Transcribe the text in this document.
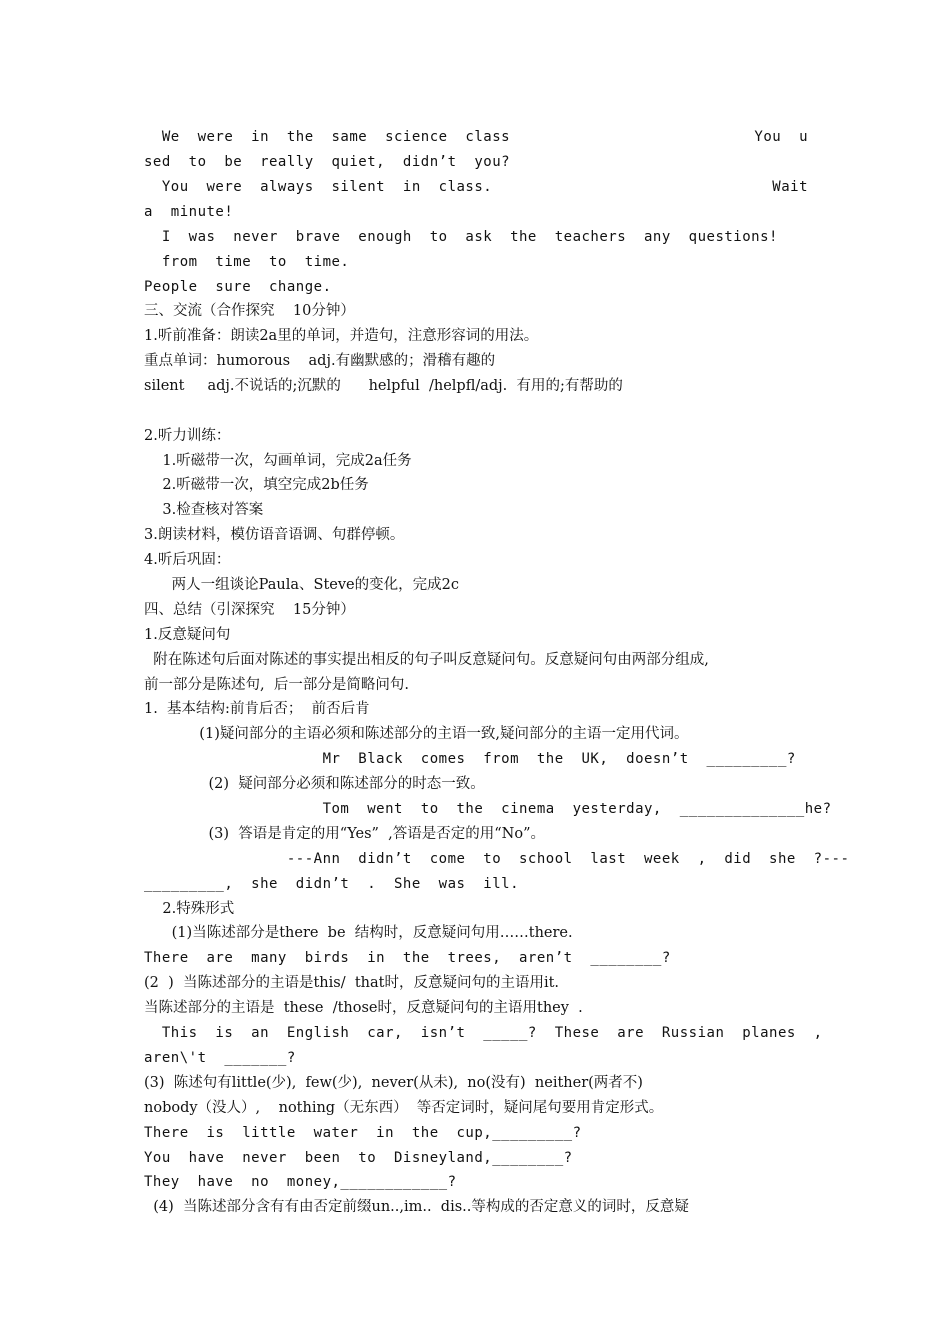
We  were  in  the  same  science  class	You  u

sed  to  be  really  quiet,  didn’t  you?

You  were  always  silent  in  class.	Wait

a  minute!

I  was  never  brave  enough  to  ask  the  teachers  any  questions!

from  time  to  time.

People  sure  change.

三、交流（合作探究    10分钟）

1.听前准备：朗读2a里的单词，并造句，注意形容词的用法。

重点单词：humorous    adj.有幽默感的；滑稽有趣的

silent     adj.不说话的;沉默的      helpful  /helpfl/adj.  有用的;有帮助的

2.听力训练：

1.听磁带一次，勾画单词，完成2a任务

2.听磁带一次，填空完成2b任务

3.检查核对答案

3.朗读材料，模仿语音语调、句群停顿。

4.听后巩固：

两人一组谈论Paula、Steve的变化，完成2c

四、总结（引深探究    15分钟）

1.反意疑问句

附在陈述句后面对陈述的事实提出相反的句子叫反意疑问句。反意疑问句由两部分组成,

前一部分是陈述句,  后一部分是简略问句.

1.  基本结构:前肯后否；  前否后肯

(1)疑问部分的主语必须和陈述部分的主语一致,疑问部分的主语一定用代词。

Mr  Black  comes  from  the  UK,  doesn’t  _________?

(2)  疑问部分必须和陈述部分的时态一致。

Tom  went  to  the  cinema  yesterday,  ______________he?

(3)  答语是肯定的用“Yes”  ,答语是否定的用“No”。

---Ann  didn’t  come  to  school  last  week  ,  did  she  ?---

_________,  she  didn’t  .  She  was  ill.

2.特殊形式

(1)当陈述部分是there  be  结构时，反意疑问句用……there.

There  are  many  birds  in  the  trees,  aren’t  ________?

(2  )  当陈述部分的主语是this/  that时，反意疑问句的主语用it.

当陈述部分的主语是  these  /those时，反意疑问句的主语用they  .

This  is  an  English  car,  isn’t  _____?  These  are  Russian  planes  ,

aren\'t  _______?

(3)  陈述句有little(少),  few(少),  never(从未),  no(没有)  neither(两者不)

nobody（没人）,    nothing（无东西）  等否定词时，疑问尾句要用肯定形式。

There  is  little  water  in  the  cup,_________?

You  have  never  been  to  Disneyland,________?

They  have  no  money,____________?

(4)  当陈述部分含有有由否定前缀un..,im..  dis..等构成的否定意义的词时，反意疑
